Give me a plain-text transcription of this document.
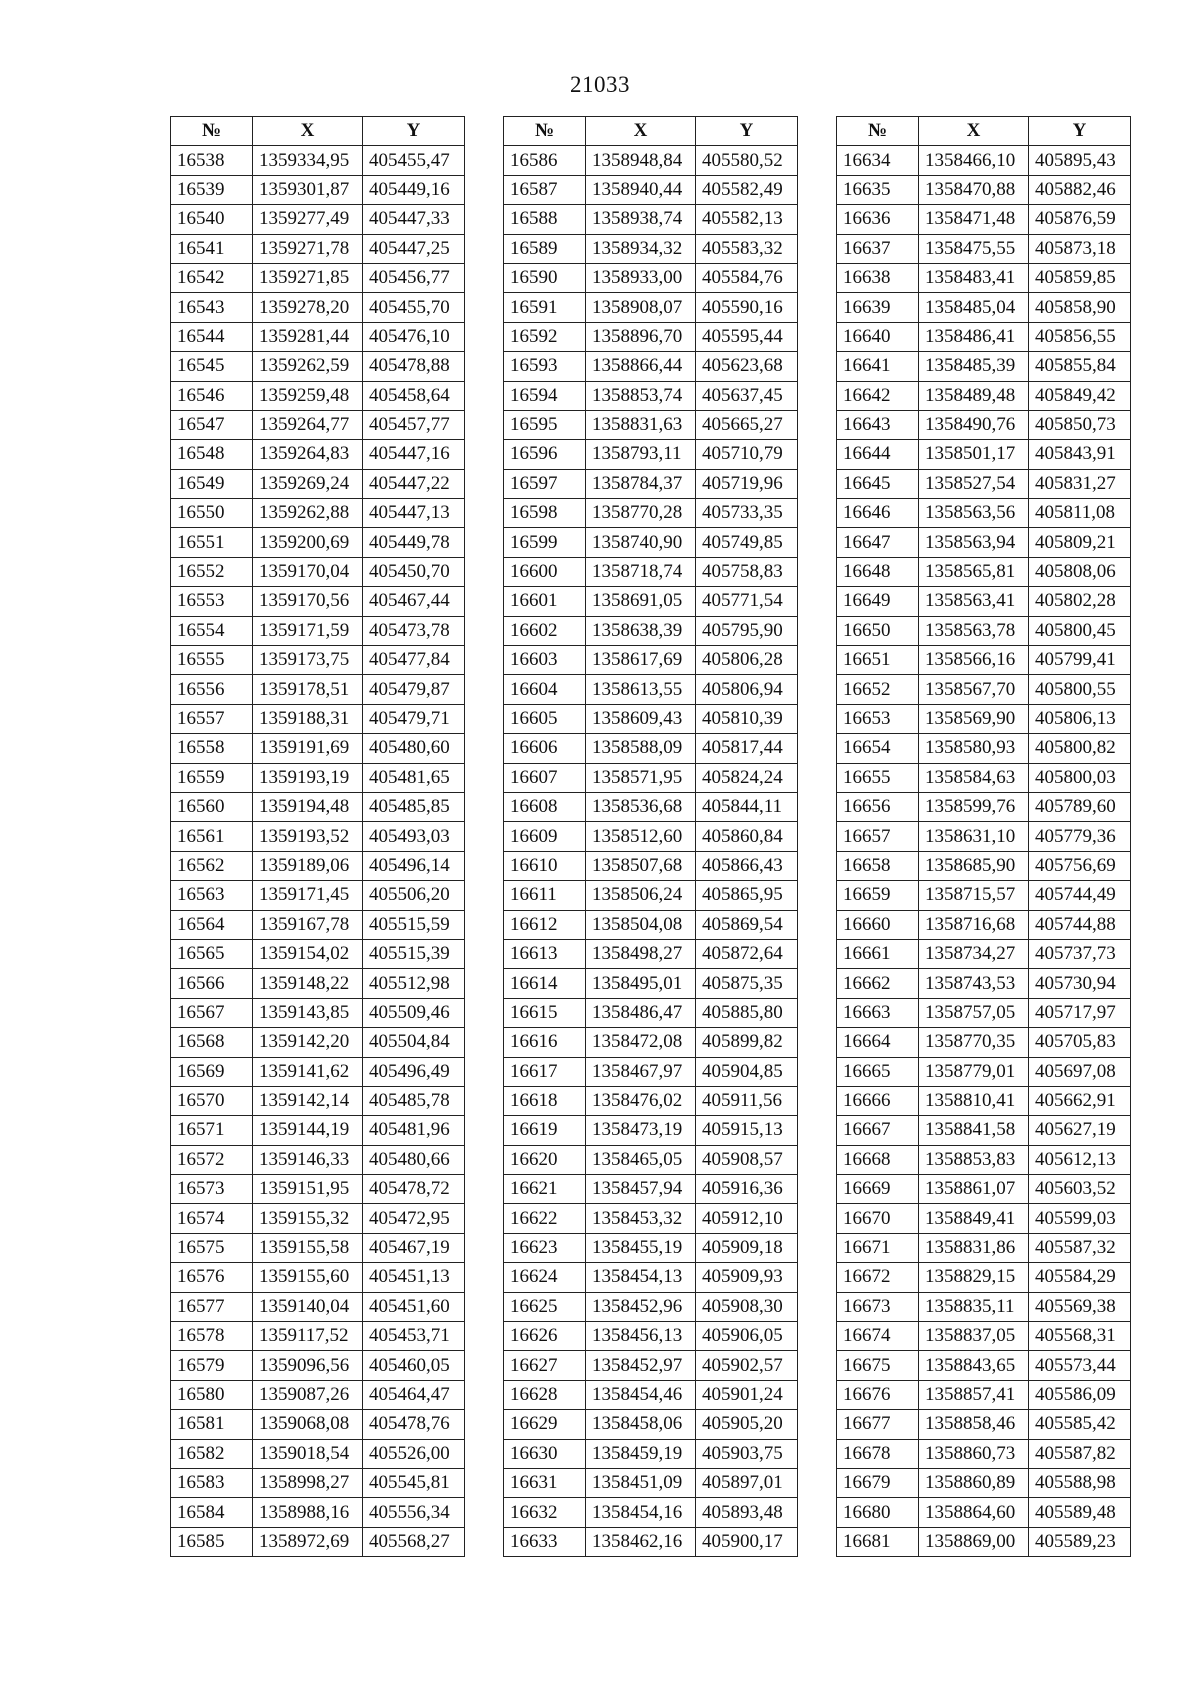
21033
№	X	Y
16538	1359334,95	405455,47
16539	1359301,87	405449,16
16540	1359277,49	405447,33
16541	1359271,78	405447,25
16542	1359271,85	405456,77
16543	1359278,20	405455,70
16544	1359281,44	405476,10
16545	1359262,59	405478,88
16546	1359259,48	405458,64
16547	1359264,77	405457,77
16548	1359264,83	405447,16
16549	1359269,24	405447,22
16550	1359262,88	405447,13
16551	1359200,69	405449,78
16552	1359170,04	405450,70
16553	1359170,56	405467,44
16554	1359171,59	405473,78
16555	1359173,75	405477,84
16556	1359178,51	405479,87
16557	1359188,31	405479,71
16558	1359191,69	405480,60
16559	1359193,19	405481,65
16560	1359194,48	405485,85
16561	1359193,52	405493,03
16562	1359189,06	405496,14
16563	1359171,45	405506,20
16564	1359167,78	405515,59
16565	1359154,02	405515,39
16566	1359148,22	405512,98
16567	1359143,85	405509,46
16568	1359142,20	405504,84
16569	1359141,62	405496,49
16570	1359142,14	405485,78
16571	1359144,19	405481,96
16572	1359146,33	405480,66
16573	1359151,95	405478,72
16574	1359155,32	405472,95
16575	1359155,58	405467,19
16576	1359155,60	405451,13
16577	1359140,04	405451,60
16578	1359117,52	405453,71
16579	1359096,56	405460,05
16580	1359087,26	405464,47
16581	1359068,08	405478,76
16582	1359018,54	405526,00
16583	1358998,27	405545,81
16584	1358988,16	405556,34
16585	1358972,69	405568,27
№	X	Y
16586	1358948,84	405580,52
16587	1358940,44	405582,49
16588	1358938,74	405582,13
16589	1358934,32	405583,32
16590	1358933,00	405584,76
16591	1358908,07	405590,16
16592	1358896,70	405595,44
16593	1358866,44	405623,68
16594	1358853,74	405637,45
16595	1358831,63	405665,27
16596	1358793,11	405710,79
16597	1358784,37	405719,96
16598	1358770,28	405733,35
16599	1358740,90	405749,85
16600	1358718,74	405758,83
16601	1358691,05	405771,54
16602	1358638,39	405795,90
16603	1358617,69	405806,28
16604	1358613,55	405806,94
16605	1358609,43	405810,39
16606	1358588,09	405817,44
16607	1358571,95	405824,24
16608	1358536,68	405844,11
16609	1358512,60	405860,84
16610	1358507,68	405866,43
16611	1358506,24	405865,95
16612	1358504,08	405869,54
16613	1358498,27	405872,64
16614	1358495,01	405875,35
16615	1358486,47	405885,80
16616	1358472,08	405899,82
16617	1358467,97	405904,85
16618	1358476,02	405911,56
16619	1358473,19	405915,13
16620	1358465,05	405908,57
16621	1358457,94	405916,36
16622	1358453,32	405912,10
16623	1358455,19	405909,18
16624	1358454,13	405909,93
16625	1358452,96	405908,30
16626	1358456,13	405906,05
16627	1358452,97	405902,57
16628	1358454,46	405901,24
16629	1358458,06	405905,20
16630	1358459,19	405903,75
16631	1358451,09	405897,01
16632	1358454,16	405893,48
16633	1358462,16	405900,17
№	X	Y
16634	1358466,10	405895,43
16635	1358470,88	405882,46
16636	1358471,48	405876,59
16637	1358475,55	405873,18
16638	1358483,41	405859,85
16639	1358485,04	405858,90
16640	1358486,41	405856,55
16641	1358485,39	405855,84
16642	1358489,48	405849,42
16643	1358490,76	405850,73
16644	1358501,17	405843,91
16645	1358527,54	405831,27
16646	1358563,56	405811,08
16647	1358563,94	405809,21
16648	1358565,81	405808,06
16649	1358563,41	405802,28
16650	1358563,78	405800,45
16651	1358566,16	405799,41
16652	1358567,70	405800,55
16653	1358569,90	405806,13
16654	1358580,93	405800,82
16655	1358584,63	405800,03
16656	1358599,76	405789,60
16657	1358631,10	405779,36
16658	1358685,90	405756,69
16659	1358715,57	405744,49
16660	1358716,68	405744,88
16661	1358734,27	405737,73
16662	1358743,53	405730,94
16663	1358757,05	405717,97
16664	1358770,35	405705,83
16665	1358779,01	405697,08
16666	1358810,41	405662,91
16667	1358841,58	405627,19
16668	1358853,83	405612,13
16669	1358861,07	405603,52
16670	1358849,41	405599,03
16671	1358831,86	405587,32
16672	1358829,15	405584,29
16673	1358835,11	405569,38
16674	1358837,05	405568,31
16675	1358843,65	405573,44
16676	1358857,41	405586,09
16677	1358858,46	405585,42
16678	1358860,73	405587,82
16679	1358860,89	405588,98
16680	1358864,60	405589,48
16681	1358869,00	405589,23
